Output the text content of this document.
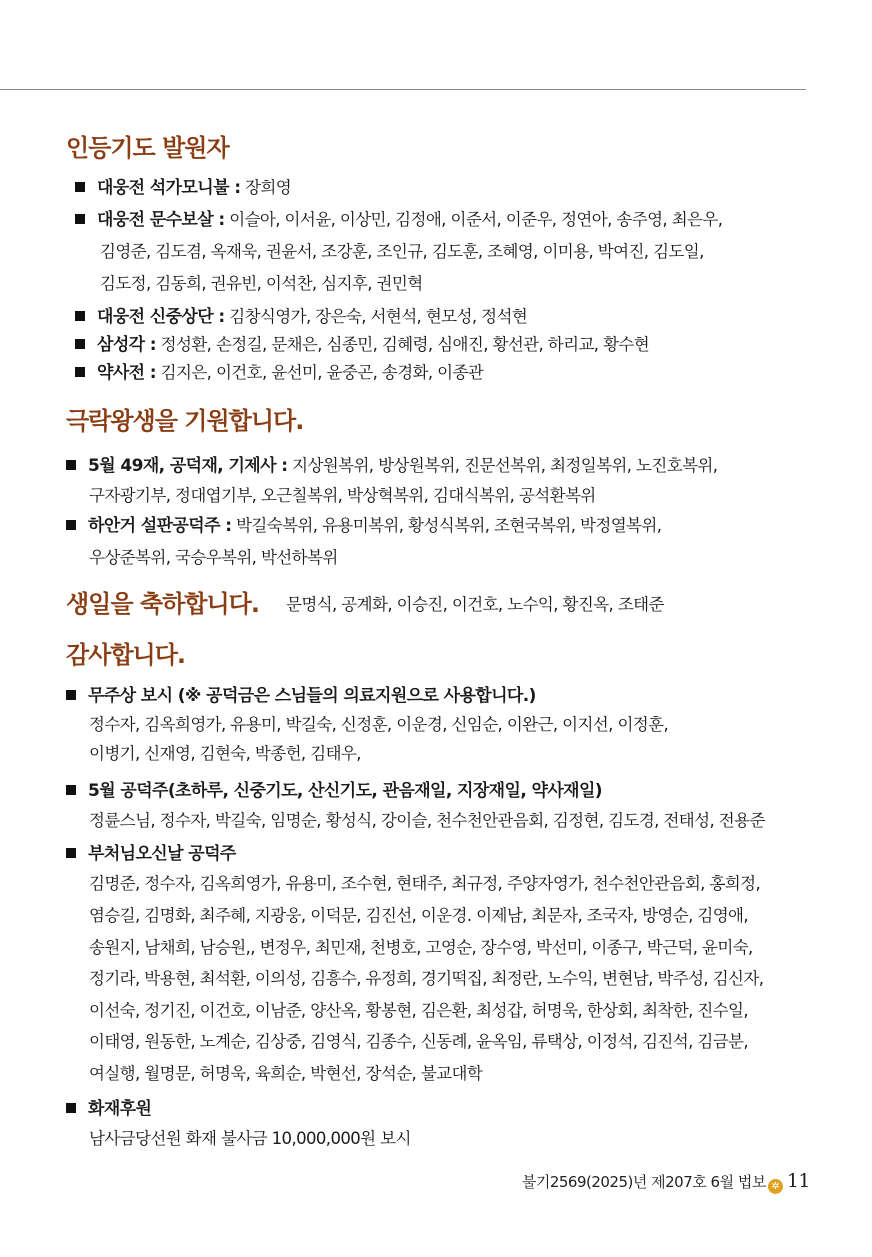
인등기도 발원자
대웅전 석가모니불 : 장희영
대웅전 문수보살 : 이슬아, 이서윤, 이상민, 김정애, 이준서, 이준우, 정연아, 송주영, 최은우,
김영준, 김도겸, 옥재욱, 권윤서, 조강훈, 조인규, 김도훈, 조혜영, 이미용, 박여진, 김도일,
김도정, 김동희, 권유빈, 이석찬, 심지후, 권민혁
대웅전 신중상단 : 김창식영가, 장은숙, 서현석, 현모성, 정석현
삼성각 : 정성환, 손정길, 문채은, 심종민, 김혜령, 심애진, 황선관, 하리교, 황수현
약사전 : 김지은, 이건호, 윤선미, 윤중곤, 송경화, 이종관
극락왕생을 기원합니다.
5월 49재, 공덕재, 기제사 : 지상원복위, 방상원복위, 진문선복위, 최정일복위, 노진호복위,
구자광기부, 정대엽기부, 오근칠복위, 박상혁복위, 김대식복위, 공석환복위
하안거 설판공덕주 : 박길숙복위, 유용미복위, 황성식복위, 조현국복위, 박정열복위,
우상준복위, 국승우복위, 박선하복위
생일을 축하합니다. 문명식, 공계화, 이승진, 이건호, 노수익, 황진옥, 조태준
감사합니다.
무주상 보시 (※ 공덕금은 스님들의 의료지원으로 사용합니다.)
정수자, 김옥희영가, 유용미, 박길숙, 신정훈, 이운경, 신임순, 이완근, 이지선, 이정훈,
이병기, 신재영, 김현숙, 박종헌, 김태우,
5월 공덕주(초하루, 신중기도, 산신기도, 관음재일, 지장재일, 약사재일)
정륜스님, 정수자, 박길숙, 임명순, 황성식, 강이슬, 천수천안관음회, 김정현, 김도경, 전태성, 전용준
부처님오신날 공덕주
김명준, 정수자, 김옥희영가, 유용미, 조수현, 현태주, 최규정, 주양자영가, 천수천안관음회, 홍희정,
염승길, 김명화, 최주혜, 지광웅, 이덕문, 김진선, 이운경. 이제남, 최문자, 조국자, 방영순, 김영애,
송원지, 남채희, 남승원,, 변정우, 최민재, 천병호, 고영순, 장수영, 박선미, 이종구, 박근덕, 윤미숙,
정기라, 박용현, 최석환, 이의성, 김흥수, 유정희, 경기떡집, 최정란, 노수익, 변현남, 박주성, 김신자,
이선숙, 정기진, 이건호, 이남준, 양산옥, 황봉현, 김은환, 최성갑, 허명욱, 한상회, 최착한, 진수일,
이태영, 원동한, 노계순, 김상중, 김영식, 김종수, 신동례, 윤옥임, 류택상, 이정석, 김진석, 김금분,
여실행, 월명문, 허명욱, 육희순, 박현선, 장석순, 불교대학
화재후원
남사금당선원 화재 불사금 10,000,000원 보시
불기2569(2025)년 제207호 6월 법보 ✲ 11
